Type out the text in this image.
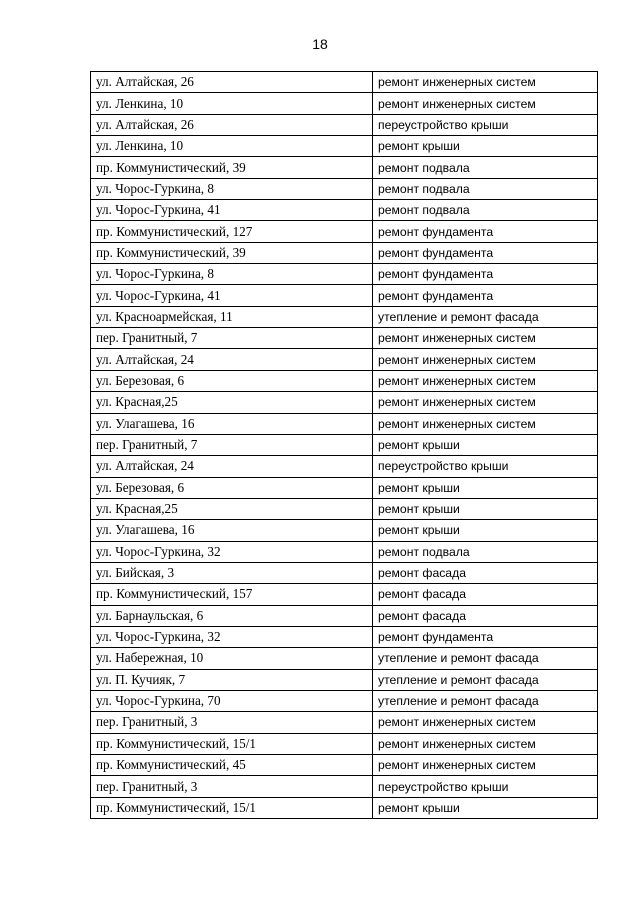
18
ул. Алтайская, 26	ремонт инженерных систем
ул. Ленкина, 10	ремонт инженерных систем
ул. Алтайская, 26	переустройство крыши
ул. Ленкина, 10	ремонт крыши
пр. Коммунистический, 39	ремонт подвала
ул. Чорос-Гуркина, 8	ремонт подвала
ул. Чорос-Гуркина, 41	ремонт подвала
пр. Коммунистический, 127	ремонт фундамента
пр. Коммунистический, 39	ремонт фундамента
ул. Чорос-Гуркина, 8	ремонт фундамента
ул. Чорос-Гуркина, 41	ремонт фундамента
ул. Красноармейская, 11	утепление и ремонт фасада
пер. Гранитный, 7	ремонт инженерных систем
ул. Алтайская, 24	ремонт инженерных систем
ул. Березовая, 6	ремонт инженерных систем
ул. Красная,25	ремонт инженерных систем
ул. Улагашева, 16	ремонт инженерных систем
пер. Гранитный, 7	ремонт крыши
ул. Алтайская, 24	переустройство крыши
ул. Березовая, 6	ремонт крыши
ул. Красная,25	ремонт крыши
ул. Улагашева, 16	ремонт крыши
ул. Чорос-Гуркина, 32	ремонт подвала
ул. Бийская, 3	ремонт фасада
пр. Коммунистический, 157	ремонт фасада
ул. Барнаульская, 6	ремонт фасада
ул. Чорос-Гуркина, 32	ремонт фундамента
ул. Набережная, 10	утепление и ремонт фасада
ул. П. Кучияк, 7	утепление и ремонт фасада
ул. Чорос-Гуркина, 70	утепление и ремонт фасада
пер. Гранитный, 3	ремонт инженерных систем
пр. Коммунистический, 15/1	ремонт инженерных систем
пр. Коммунистический, 45	ремонт инженерных систем
пер. Гранитный, 3	переустройство крыши
пр. Коммунистический, 15/1	ремонт крыши
